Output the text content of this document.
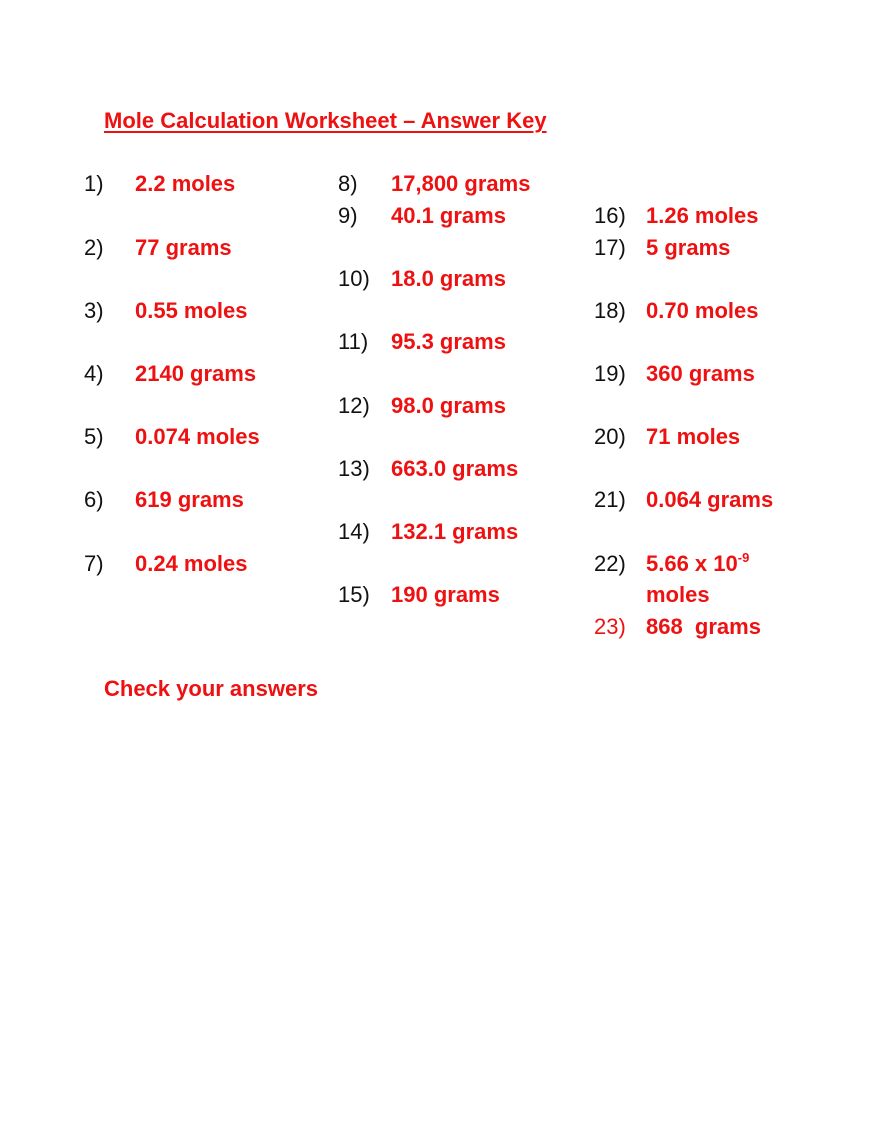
Mole Calculation Worksheet – Answer Key
1) 2.2 moles
2) 77 grams
3) 0.55 moles
4) 2140 grams
5) 0.074 moles
6) 619 grams
7) 0.24 moles
8) 17,800 grams
9) 40.1 grams
10) 18.0 grams
11) 95.3 grams
12) 98.0 grams
13) 663.0 grams
14) 132.1 grams
15) 190 grams
16) 1.26 moles
17) 5 grams
18) 0.70 moles
19) 360 grams
20) 71 moles
21) 0.064 grams
22) 5.66 x $10^{-9}$
moles
23) 868  grams
Check your answers
